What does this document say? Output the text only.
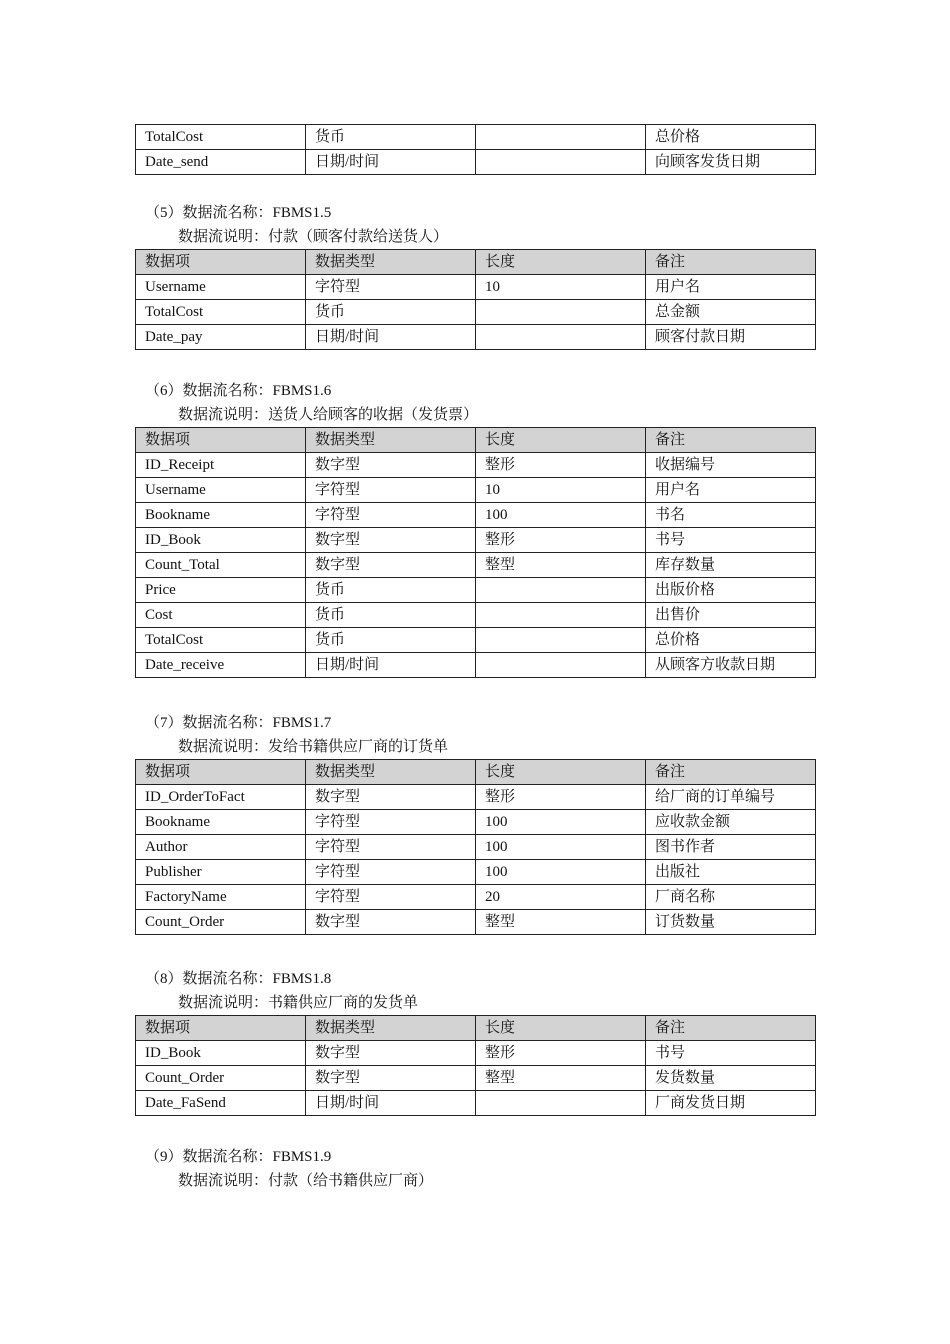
TotalCost	货币		总价格
Date_send	日期/时间		向顾客发货日期
（5）数据流名称：FBMS1.5
数据流说明：付款（顾客付款给送货人）
数据项	数据类型	长度	备注
Username	字符型	10	用户名
TotalCost	货币		总金额
Date_pay	日期/时间		顾客付款日期
（6）数据流名称：FBMS1.6
数据流说明：送货人给顾客的收据（发货票）
数据项	数据类型	长度	备注
ID_Receipt	数字型	整形	收据编号
Username	字符型	10	用户名
Bookname	字符型	100	书名
ID_Book	数字型	整形	书号
Count_Total	数字型	整型	库存数量
Price	货币		出版价格
Cost	货币		出售价
TotalCost	货币		总价格
Date_receive	日期/时间		从顾客方收款日期
（7）数据流名称：FBMS1.7
数据流说明：发给书籍供应厂商的订货单
数据项	数据类型	长度	备注
ID_OrderToFact	数字型	整形	给厂商的订单编号
Bookname	字符型	100	应收款金额
Author	字符型	100	图书作者
Publisher	字符型	100	出版社
FactoryName	字符型	20	厂商名称
Count_Order	数字型	整型	订货数量
（8）数据流名称：FBMS1.8
数据流说明：书籍供应厂商的发货单
数据项	数据类型	长度	备注
ID_Book	数字型	整形	书号
Count_Order	数字型	整型	发货数量
Date_FaSend	日期/时间		厂商发货日期
（9）数据流名称：FBMS1.9
数据流说明：付款（给书籍供应厂商）
